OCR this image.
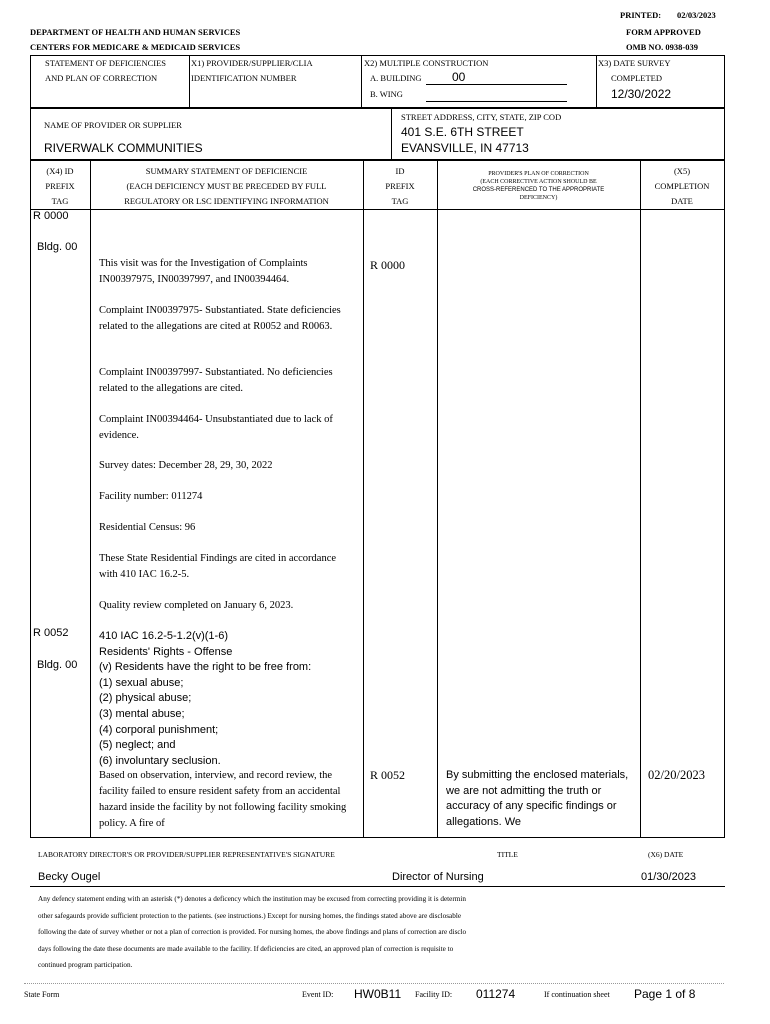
PRINTED: 02/03/2023
DEPARTMENT OF HEALTH AND HUMAN SERVICES	FORM APPROVED
CENTERS FOR MEDICARE & MEDICAID SERVICES	OMB NO. 0938-039
STATEMENT OF DEFICIENCIES
AND PLAN OF CORRECTION
X1) PROVIDER/SUPPLIER/CLIA
IDENTIFICATION NUMBER
X2) MULTIPLE CONSTRUCTION
A. BUILDING	00
B. WING
X3) DATE SURVEY
COMPLETED
12/30/2022
NAME OF PROVIDER OR SUPPLIER
RIVERWALK COMMUNITIES
STREET ADDRESS, CITY, STATE, ZIP COD
401 S.E. 6TH STREET
EVANSVILLE, IN 47713
(X4) ID
PREFIX
TAG
SUMMARY STATEMENT OF DEFICIENCIE
(EACH DEFICIENCY MUST BE PRECEDED BY FULL
REGULATORY OR LSC IDENTIFYING INFORMATION
ID
PREFIX
TAG
PROVIDER'S PLAN OF CORRECTION
(EACH CORRECTIVE ACTION SHOULD BE
CROSS-REFERENCED TO THE APPROPRIATE
DEFICIENCY)
(X5)
COMPLETION
DATE
R 0000
Bldg. 00
R 0000
This visit was for the Investigation of Complaints IN00397975, IN00397997, and IN00394464.
Complaint IN00397975- Substantiated. State deficiencies related to the allegations are cited at R0052 and R0063.
Complaint IN00397997- Substantiated. No deficiencies related to the allegations are cited.
Complaint IN00394464- Unsubstantiated due to lack of evidence.
Survey dates: December 28, 29, 30, 2022
Facility number: 011274
Residential Census: 96
These State Residential Findings are cited in accordance with 410 IAC 16.2-5.
Quality review completed on January 6, 2023.
R 0052
Bldg. 00
410 IAC 16.2-5-1.2(v)(1-6)
Residents' Rights - Offense
(v) Residents have the right to be free from:
(1) sexual abuse;
(2) physical abuse;
(3) mental abuse;
(4) corporal punishment;
(5) neglect; and
(6) involuntary seclusion.
Based on observation, interview, and record review, the facility failed to ensure resident safety from an accidental hazard inside the facility by not following facility smoking policy. A fire of
R 0052	By submitting the enclosed materials, we are not admitting the truth or accuracy of any specific findings or allegations. We
02/20/2023
LABORATORY DIRECTOR'S OR PROVIDER/SUPPLIER REPRESENTATIVE'S SIGNATURE	TITLE	(X6) DATE
Becky Ougel	Director of Nursing	01/30/2023
Any defency statement ending with an asterisk (*) denotes a deficency which the institution may be excused from correcting providing it is determin
other safegaurds provide sufficient protection to the patients. (see instructions.) Except for nursing homes, the findings stated above are disclosable
following the date of survey whether or not a plan of correction is provided. For nursing homes, the above findings and plans of correction are disclo
days following the date these documents are made available to the facility. If deficiencies are cited, an approved plan of correction is requisite to
continued program participation.
State Form	Event ID: HW0B11 Facility ID: 011274	If continuation sheet Page 1 of 8
